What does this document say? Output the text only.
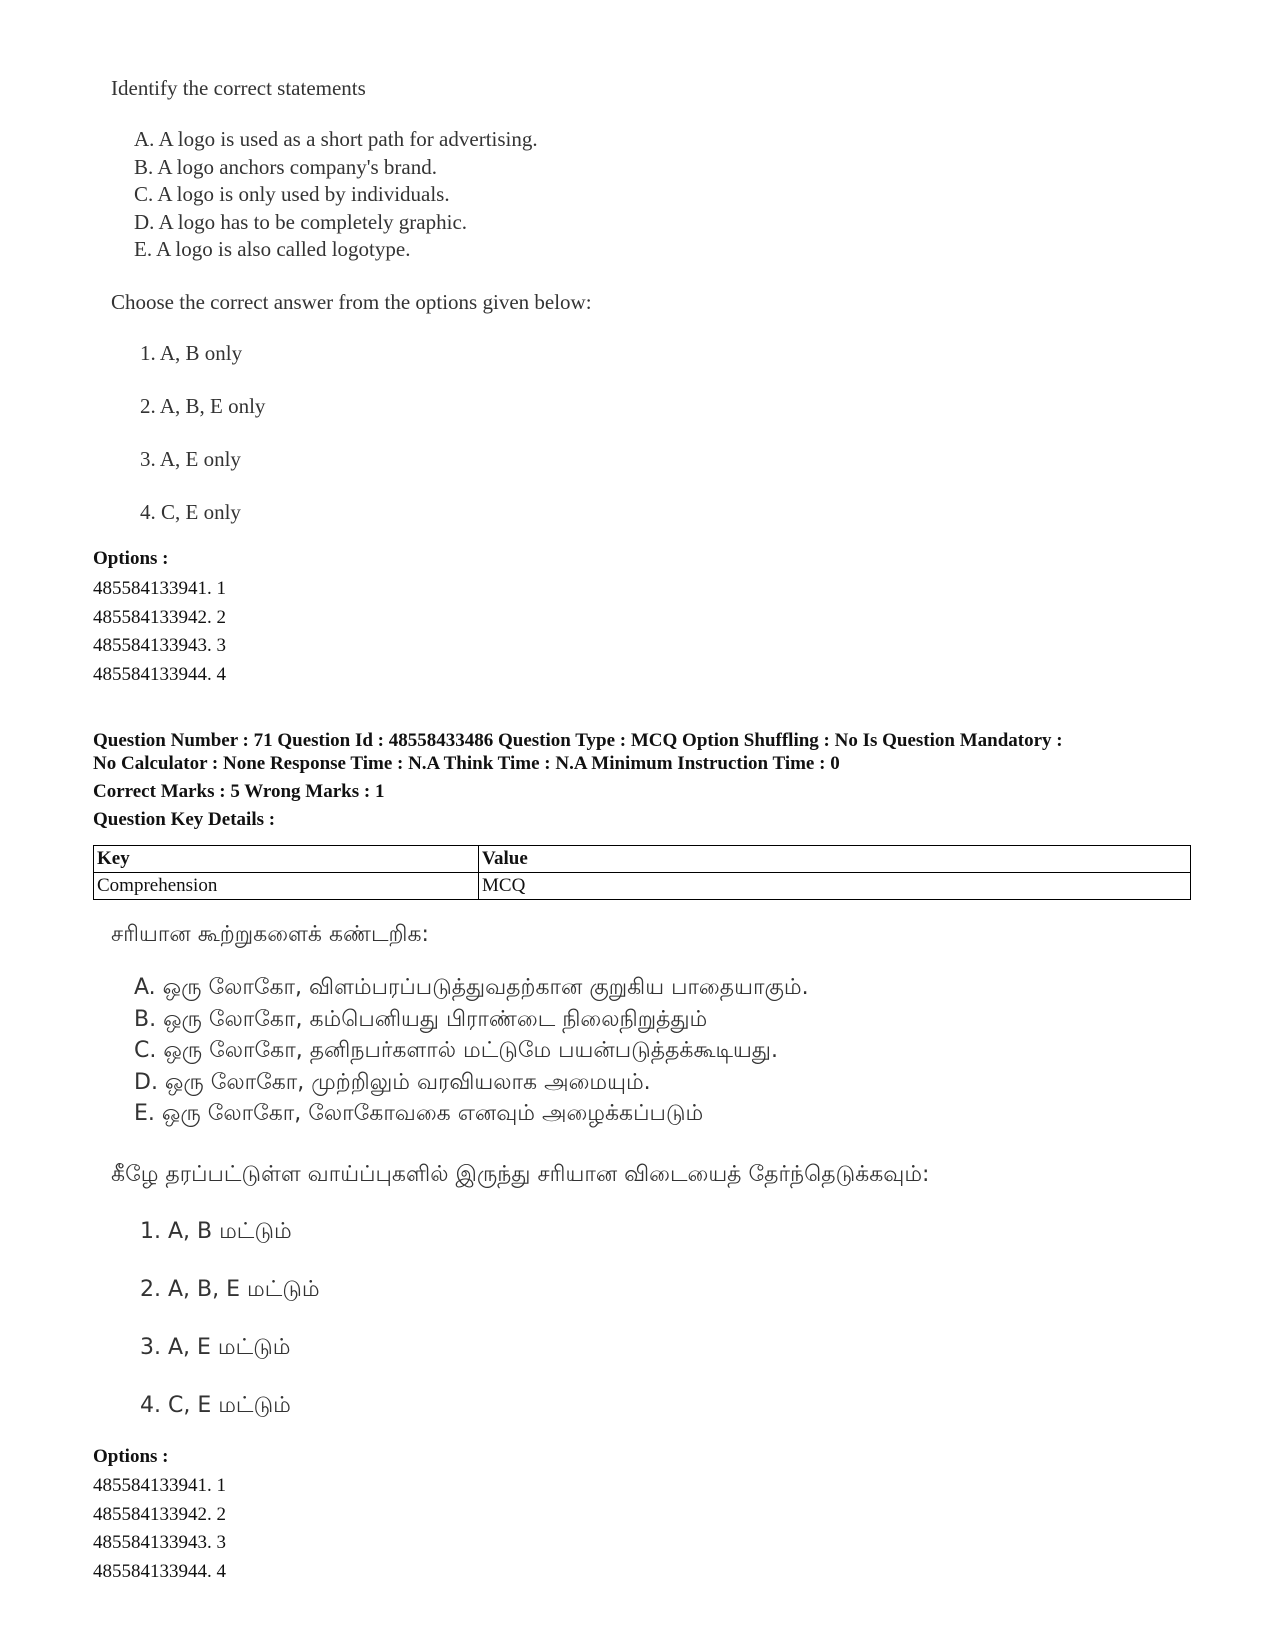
Identify the correct statements
A. A logo is used as a short path for advertising.
B. A logo anchors company's brand.
C. A logo is only used by individuals.
D. A logo has to be completely graphic.
E. A logo is also called logotype.
Choose the correct answer from the options given below:
1. A, B only
2. A, B, E only
3. A, E only
4. C, E only
Options :
485584133941. 1
485584133942. 2
485584133943. 3
485584133944. 4
Question Number : 71 Question Id : 48558433486 Question Type : MCQ Option Shuffling : No Is Question Mandatory :
No Calculator : None Response Time : N.A Think Time : N.A Minimum Instruction Time : 0
Correct Marks : 5 Wrong Marks : 1
Question Key Details :
Key	Value
Comprehension	MCQ
சரியான கூற்றுகளைக் கண்டறிக:
A. ஒரு லோகோ, விளம்பரப்படுத்துவதற்கான குறுகிய பாதையாகும்.
B. ஒரு லோகோ, கம்பெனியது பிராண்டை நிலைநிறுத்தும்
C. ஒரு லோகோ, தனிநபர்களால் மட்டுமே பயன்படுத்தக்கூடியது.
D. ஒரு லோகோ, முற்றிலும் வரவியலாக அமையும்.
E. ஒரு லோகோ, லோகோவகை எனவும் அழைக்கப்படும்
கீழே தரப்பட்டுள்ள வாய்ப்புகளில் இருந்து சரியான விடையைத் தேர்ந்தெடுக்கவும்:
1. A, B மட்டும்
2. A, B, E மட்டும்
3. A, E மட்டும்
4. C, E மட்டும்
Options :
485584133941. 1
485584133942. 2
485584133943. 3
485584133944. 4
